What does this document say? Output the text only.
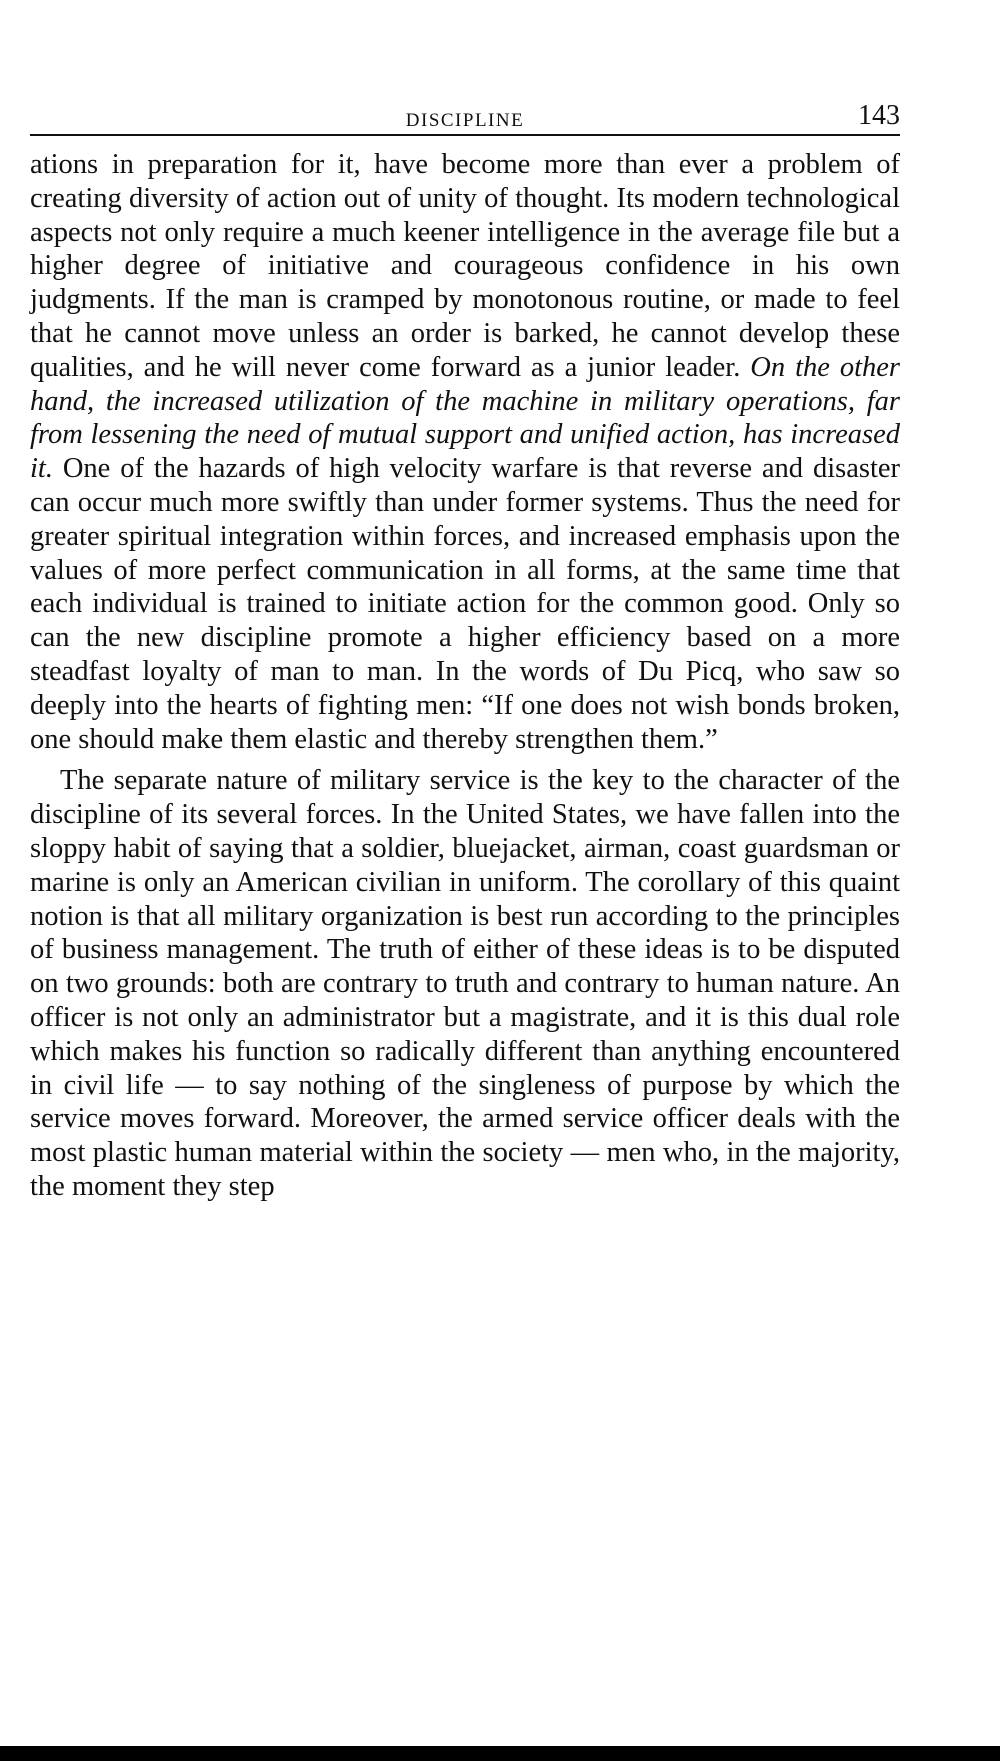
DISCIPLINE	143

ations in preparation for it, have become more than ever a problem of creating diversity of action out of unity of thought. Its modern technological aspects not only require a much keener intelligence in the average file but a higher degree of initiative and courageous confidence in his own judgments. If the man is cramped by monotonous routine, or made to feel that he cannot move unless an order is barked, he cannot develop these qualities, and he will never come forward as a junior leader. On the other hand, the increased utilization of the machine in military operations, far from lessening the need of mutual support and unified action, has increased it. One of the hazards of high velocity warfare is that reverse and disaster can occur much more swiftly than under former systems. Thus the need for greater spiritual integration within forces, and increased emphasis upon the values of more perfect communication in all forms, at the same time that each individual is trained to initiate action for the common good. Only so can the new discipline promote a higher efficiency based on a more steadfast loyalty of man to man. In the words of Du Picq, who saw so deeply into the hearts of fighting men: “If one does not wish bonds broken, one should make them elastic and thereby strengthen them.”

The separate nature of military service is the key to the character of the discipline of its several forces. In the United States, we have fallen into the sloppy habit of saying that a soldier, bluejacket, airman, coast guardsman or marine is only an American civilian in uniform. The corollary of this quaint notion is that all military organization is best run according to the principles of business management. The truth of either of these ideas is to be disputed on two grounds: both are contrary to truth and contrary to human nature. An officer is not only an administrator but a magistrate, and it is this dual role which makes his function so radically different than anything encountered in civil life — to say nothing of the singleness of purpose by which the service moves forward. Moreover, the armed service officer deals with the most plastic human material within the society — men who, in the majority, the moment they step
